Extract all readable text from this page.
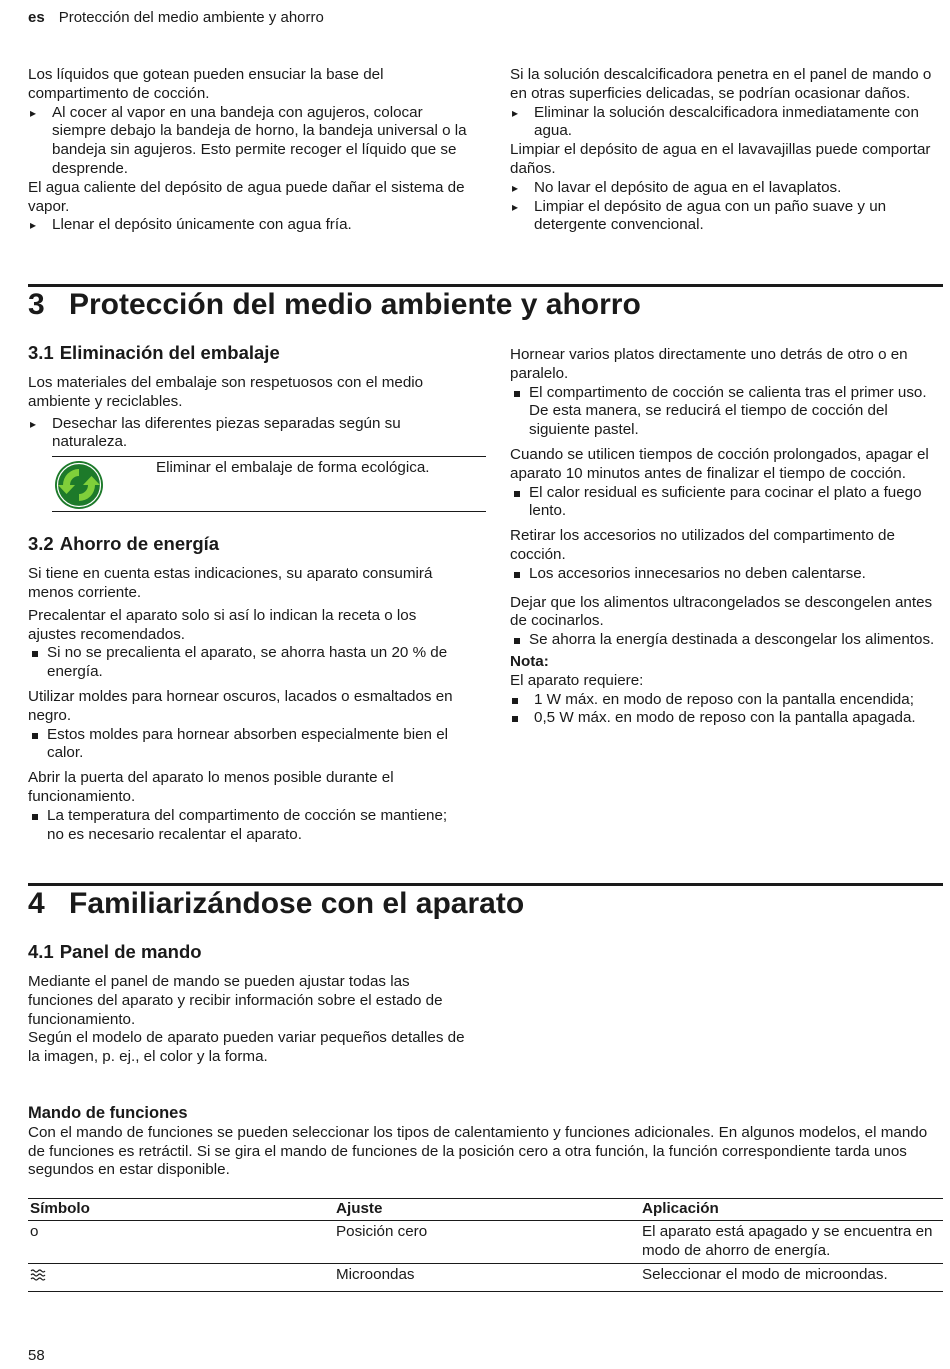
es Protección del medio ambiente y ahorro

Los líquidos que gotean pueden ensuciar la base del compartimento de cocción.

▸ Al cocer al vapor en una bandeja con agujeros, colocar siempre debajo la bandeja de horno, la bandeja universal o la bandeja sin agujeros. Esto permite recoger el líquido que se desprende.

El agua caliente del depósito de agua puede dañar el sistema de vapor.

▸ Llenar el depósito únicamente con agua fría.

Si la solución descalcificadora penetra en el panel de mando o en otras superficies delicadas, se podrían ocasionar daños.

▸ Eliminar la solución descalcificadora inmediatamente con agua.

Limpiar el depósito de agua en el lavavajillas puede comportar daños.

▸ No lavar el depósito de agua en el lavaplatos.

▸ Limpiar el depósito de agua con un paño suave y un detergente convencional.

3 Protección del medio ambiente y ahorro
3.1 Eliminación del embalaje

Los materiales del embalaje son respetuosos con el medio ambiente y reciclables.

▸ Desechar las diferentes piezas separadas según su naturaleza.

Eliminar el embalaje de forma ecológica.
3.2 Ahorro de energía

Si tiene en cuenta estas indicaciones, su aparato consumirá menos corriente.

Precalentar el aparato solo si así lo indican la receta o los ajustes recomendados.

Si no se precalienta el aparato, se ahorra hasta un 20 % de energía.

Utilizar moldes para hornear oscuros, lacados o esmaltados en negro.

Estos moldes para hornear absorben especialmente bien el calor.

Abrir la puerta del aparato lo menos posible durante el funcionamiento.

La temperatura del compartimento de cocción se mantiene; no es necesario recalentar el aparato.

Hornear varios platos directamente uno detrás de otro o en paralelo.

El compartimento de cocción se calienta tras el primer uso. De esta manera, se reducirá el tiempo de cocción del siguiente pastel.

Cuando se utilicen tiempos de cocción prolongados, apagar el aparato 10 minutos antes de finalizar el tiempo de cocción.

El calor residual es suficiente para cocinar el plato a fuego lento.

Retirar los accesorios no utilizados del compartimento de cocción.

Los accesorios innecesarios no deben calentarse.

Dejar que los alimentos ultracongelados se descongelen antes de cocinarlos.

Se ahorra la energía destinada a descongelar los alimentos.

Nota:

El aparato requiere:

1 W máx. en modo de reposo con la pantalla encendida;

0,5 W máx. en modo de reposo con la pantalla apagada.

4 Familiarizándose con el aparato
4.1 Panel de mando

Mediante el panel de mando se pueden ajustar todas las funciones del aparato y recibir información sobre el estado de funcionamiento.

Según el modelo de aparato pueden variar pequeños detalles de la imagen, p. ej., el color y la forma.

Mando de funciones

Con el mando de funciones se pueden seleccionar los tipos de calentamiento y funciones adicionales. En algunos modelos, el mando de funciones es retráctil. Si se gira el mando de funciones de la posición cero a otra función, la función correspondiente tarda unos segundos en estar disponible.

Símbolo	Ajuste	Aplicación
o	Posición cero	El aparato está apagado y se encuentra en modo de ahorro de energía.
	Microondas	Seleccionar el modo de microondas.
58
